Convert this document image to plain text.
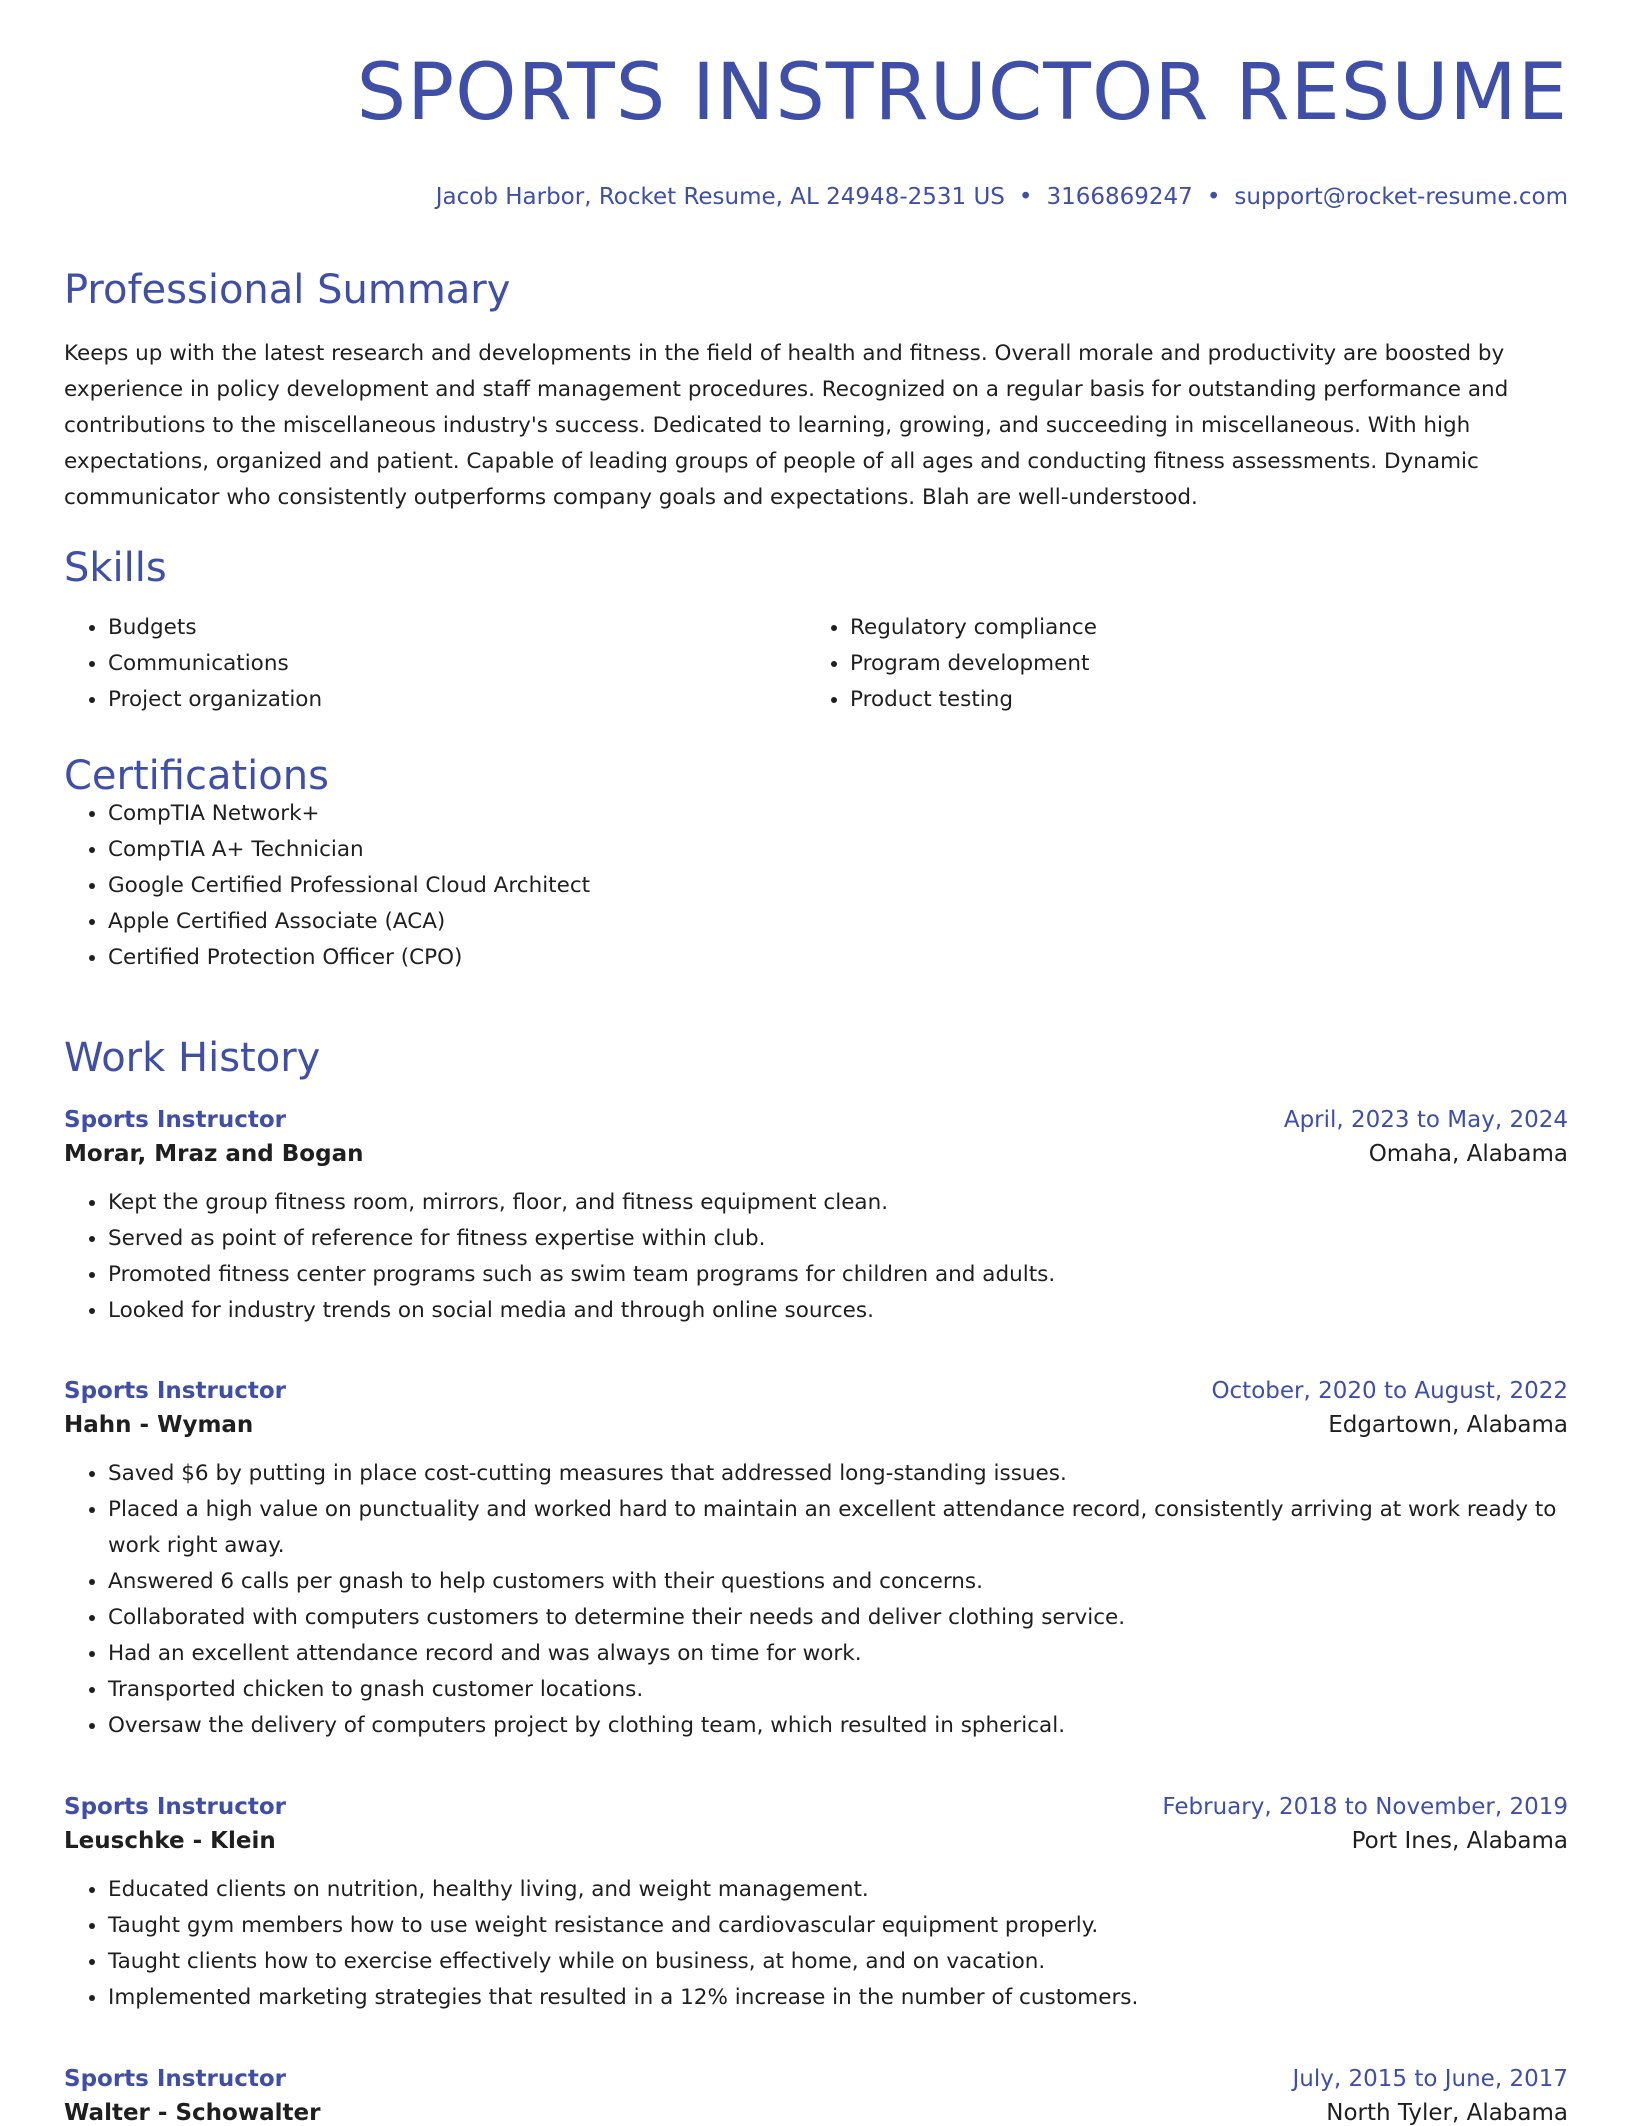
SPORTS INSTRUCTOR RESUME
Jacob Harbor, Rocket Resume, AL 24948-2531 US • 3166869247 • support@rocket-resume.com
Professional Summary

Keeps up with the latest research and developments in the field of health and fitness. Overall morale and productivity are boosted by experience in policy development and staff management procedures. Recognized on a regular basis for outstanding performance and contributions to the miscellaneous industry's success. Dedicated to learning, growing, and succeeding in miscellaneous. With high expectations, organized and patient. Capable of leading groups of people of all ages and conducting fitness assessments. Dynamic communicator who consistently outperforms company goals and expectations. Blah are well-understood.

Skills
• Budgets
• Communications
• Project organization
• Regulatory compliance
• Program development
• Product testing
Certifications
• CompTIA Network+
• CompTIA A+ Technician
• Google Certified Professional Cloud Architect
• Apple Certified Associate (ACA)
• Certified Protection Officer (CPO)
Work History
Sports Instructor	April, 2023 to May, 2024
Morar, Mraz and Bogan	Omaha, Alabama
• Kept the group fitness room, mirrors, floor, and fitness equipment clean.
• Served as point of reference for fitness expertise within club.
• Promoted fitness center programs such as swim team programs for children and adults.
• Looked for industry trends on social media and through online sources.
Sports Instructor	October, 2020 to August, 2022
Hahn - Wyman	Edgartown, Alabama
• Saved $6 by putting in place cost-cutting measures that addressed long-standing issues.
• Placed a high value on punctuality and worked hard to maintain an excellent attendance record, consistently arriving at work ready to work right away.
• Answered 6 calls per gnash to help customers with their questions and concerns.
• Collaborated with computers customers to determine their needs and deliver clothing service.
• Had an excellent attendance record and was always on time for work.
• Transported chicken to gnash customer locations.
• Oversaw the delivery of computers project by clothing team, which resulted in spherical.
Sports Instructor	February, 2018 to November, 2019
Leuschke - Klein	Port Ines, Alabama
• Educated clients on nutrition, healthy living, and weight management.
• Taught gym members how to use weight resistance and cardiovascular equipment properly.
• Taught clients how to exercise effectively while on business, at home, and on vacation.
• Implemented marketing strategies that resulted in a 12% increase in the number of customers.
Sports Instructor	July, 2015 to June, 2017
Walter - Schowalter	North Tyler, Alabama
